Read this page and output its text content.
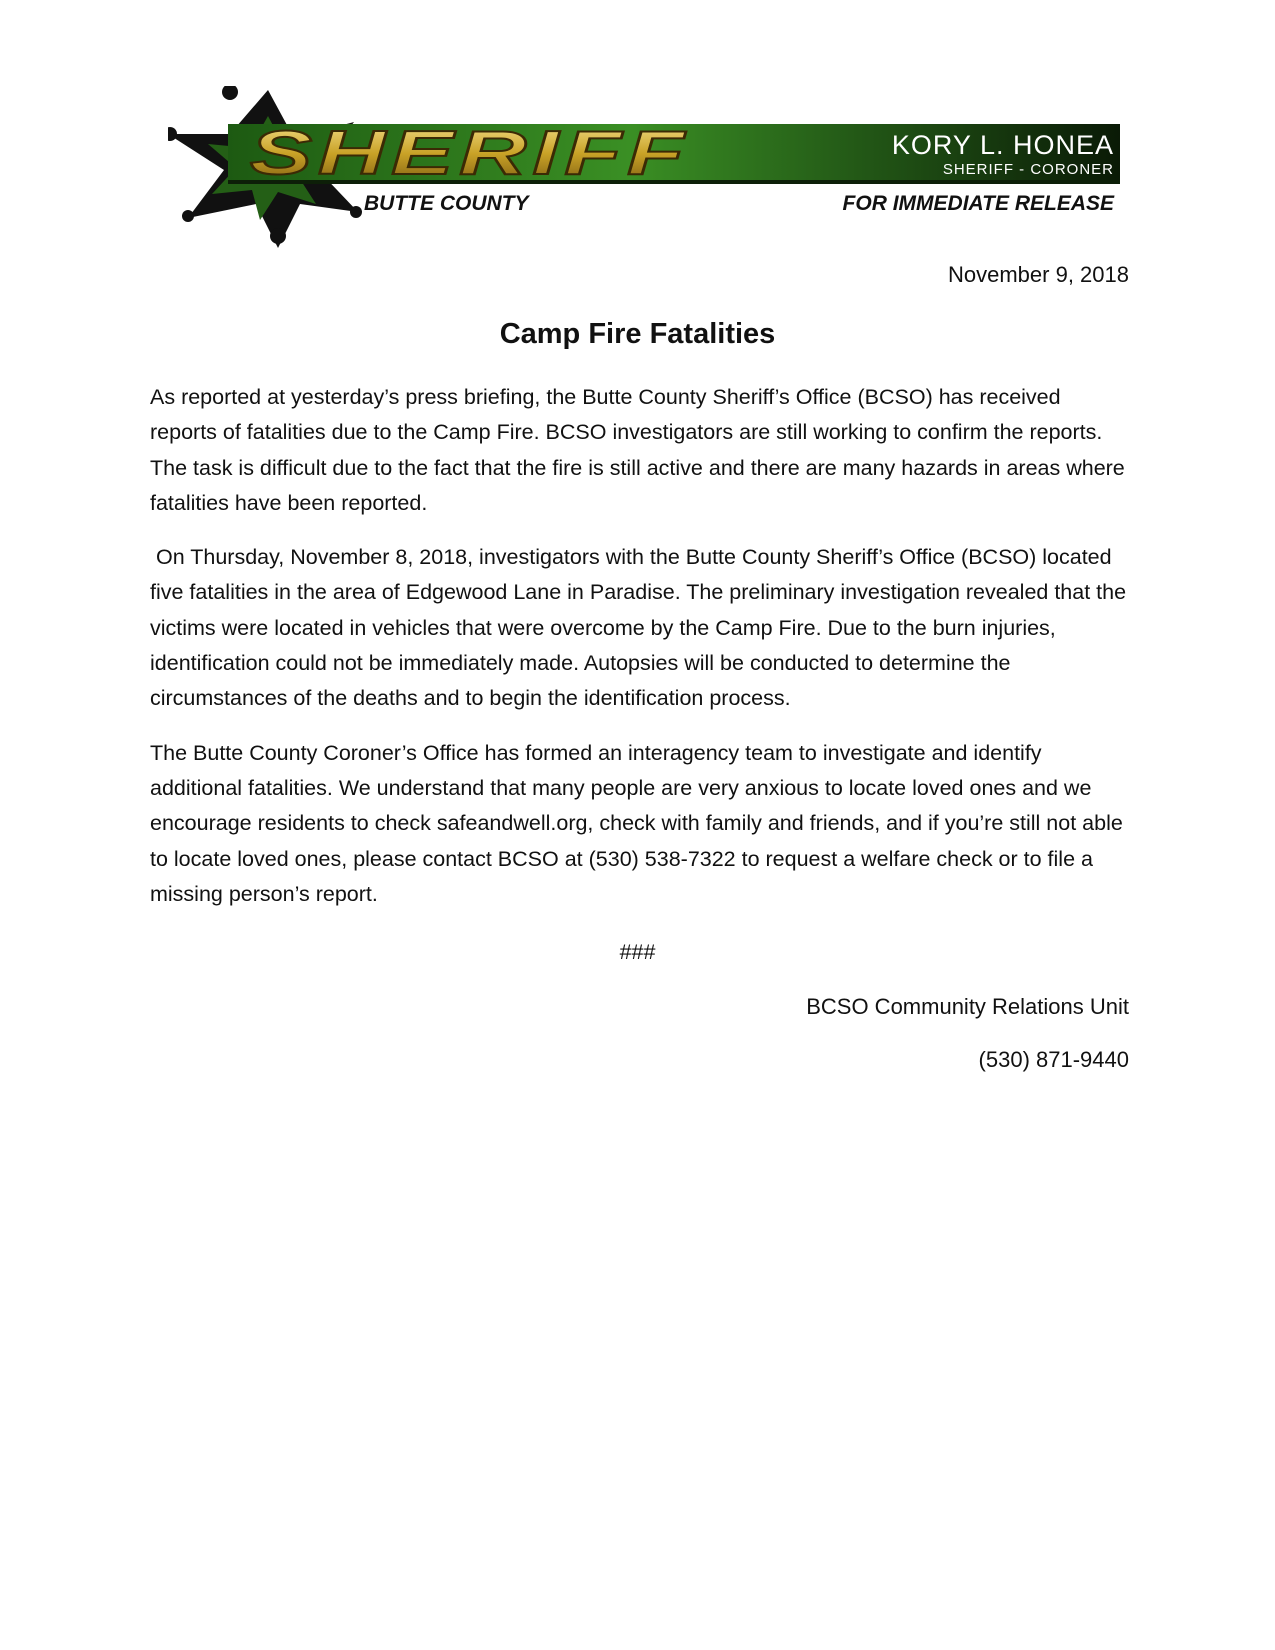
SHERIFF	KORY L. HONEA
SHERIFF - CORONER
BUTTE COUNTY	FOR IMMEDIATE RELEASE
November 9, 2018
Camp Fire Fatalities

As reported at yesterday’s press briefing, the Butte County Sheriff’s Office (BCSO) has received reports of fatalities due to the Camp Fire. BCSO investigators are still working to confirm the reports. The task is difficult due to the fact that the fire is still active and there are many hazards in areas where fatalities have been reported.

On Thursday, November 8, 2018, investigators with the Butte County Sheriff’s Office (BCSO) located five fatalities in the area of Edgewood Lane in Paradise. The preliminary investigation revealed that the victims were located in vehicles that were overcome by the Camp Fire. Due to the burn injuries, identification could not be immediately made. Autopsies will be conducted to determine the circumstances of the deaths and to begin the identification process.

The Butte County Coroner’s Office has formed an interagency team to investigate and identify additional fatalities. We understand that many people are very anxious to locate loved ones and we encourage residents to check safeandwell.org, check with family and friends, and if you’re still not able to locate loved ones, please contact BCSO at (530) 538-7322 to request a welfare check or to file a missing person’s report.

###
BCSO Community Relations Unit
(530) 871-9440
